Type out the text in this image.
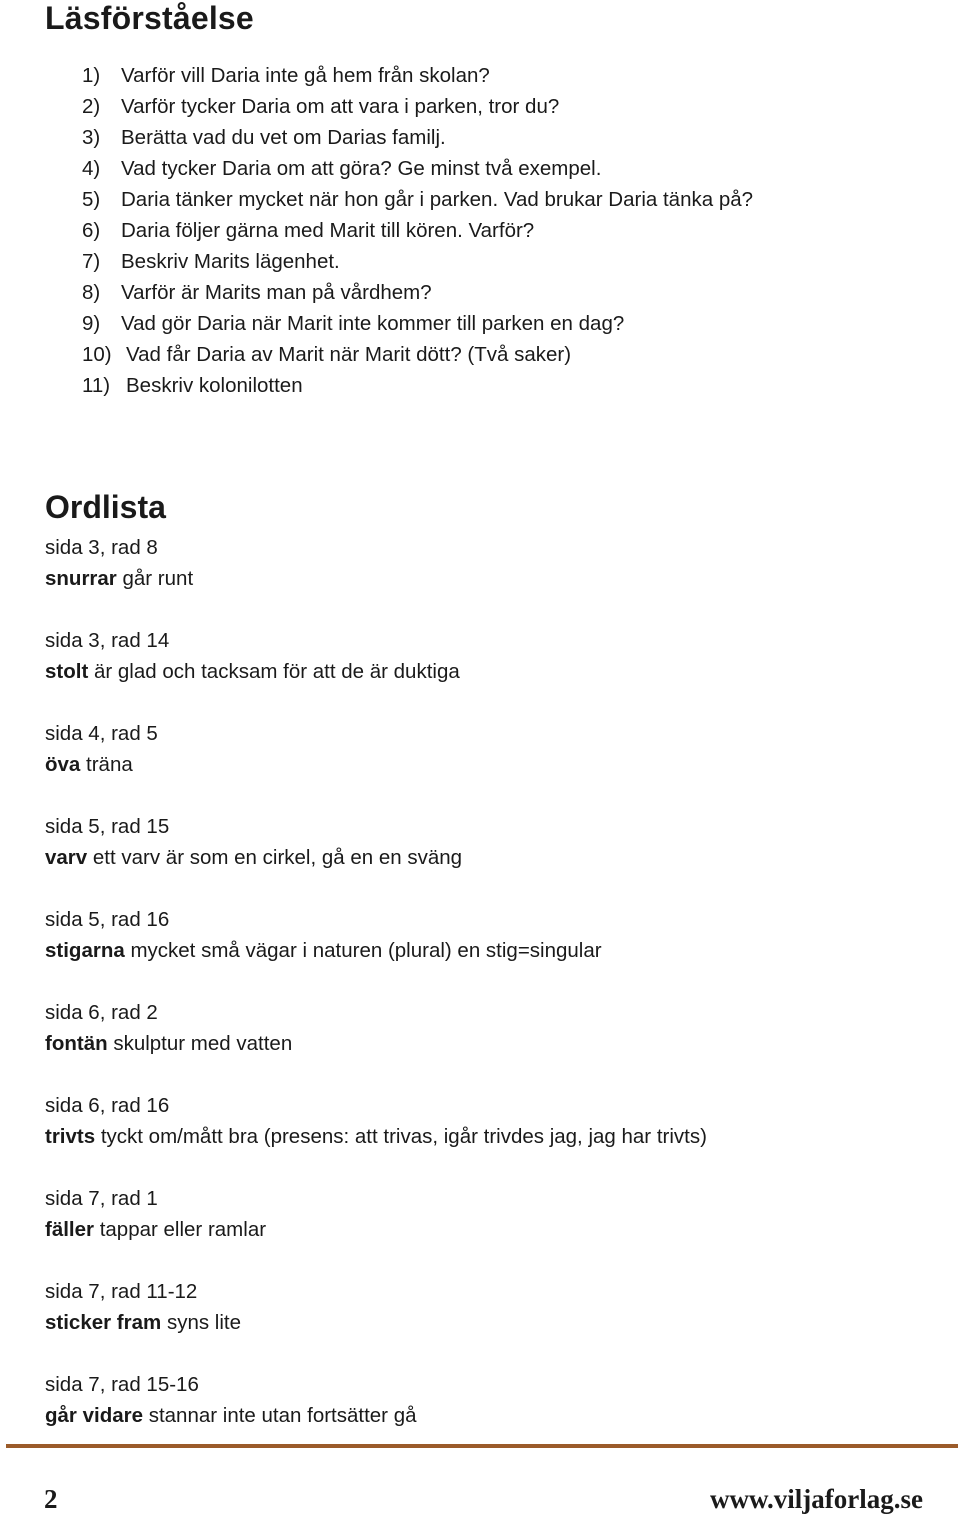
Läsförståelse
1) Varför vill Daria inte gå hem från skolan?
2) Varför tycker Daria om att vara i parken, tror du?
3) Berätta vad du vet om Darias familj.
4) Vad tycker Daria om att göra? Ge minst två exempel.
5) Daria tänker mycket när hon går i parken. Vad brukar Daria tänka på?
6) Daria följer gärna med Marit till kören. Varför?
7) Beskriv Marits lägenhet.
8) Varför är Marits man på vårdhem?
9) Vad gör Daria när Marit inte kommer till parken en dag?
10) Vad får Daria av Marit när Marit dött? (Två saker)
11) Beskriv kolonilotten
Ordlista
sida 3, rad 8
snurrar går runt
sida 3, rad 14
stolt är glad och tacksam för att de är duktiga
sida 4, rad 5
öva träna
sida 5, rad 15
varv ett varv är som en cirkel, gå en en sväng
sida 5, rad 16
stigarna mycket små vägar i naturen (plural) en stig=singular
sida 6, rad 2
fontän skulptur med vatten
sida 6, rad 16
trivts tyckt om/mått bra (presens: att trivas, igår trivdes jag, jag har trivts)
sida 7, rad 1
fäller tappar eller ramlar
sida 7, rad 11-12
sticker fram syns lite
sida 7, rad 15-16
går vidare stannar inte utan fortsätter gå
2	www.viljaforlag.se
